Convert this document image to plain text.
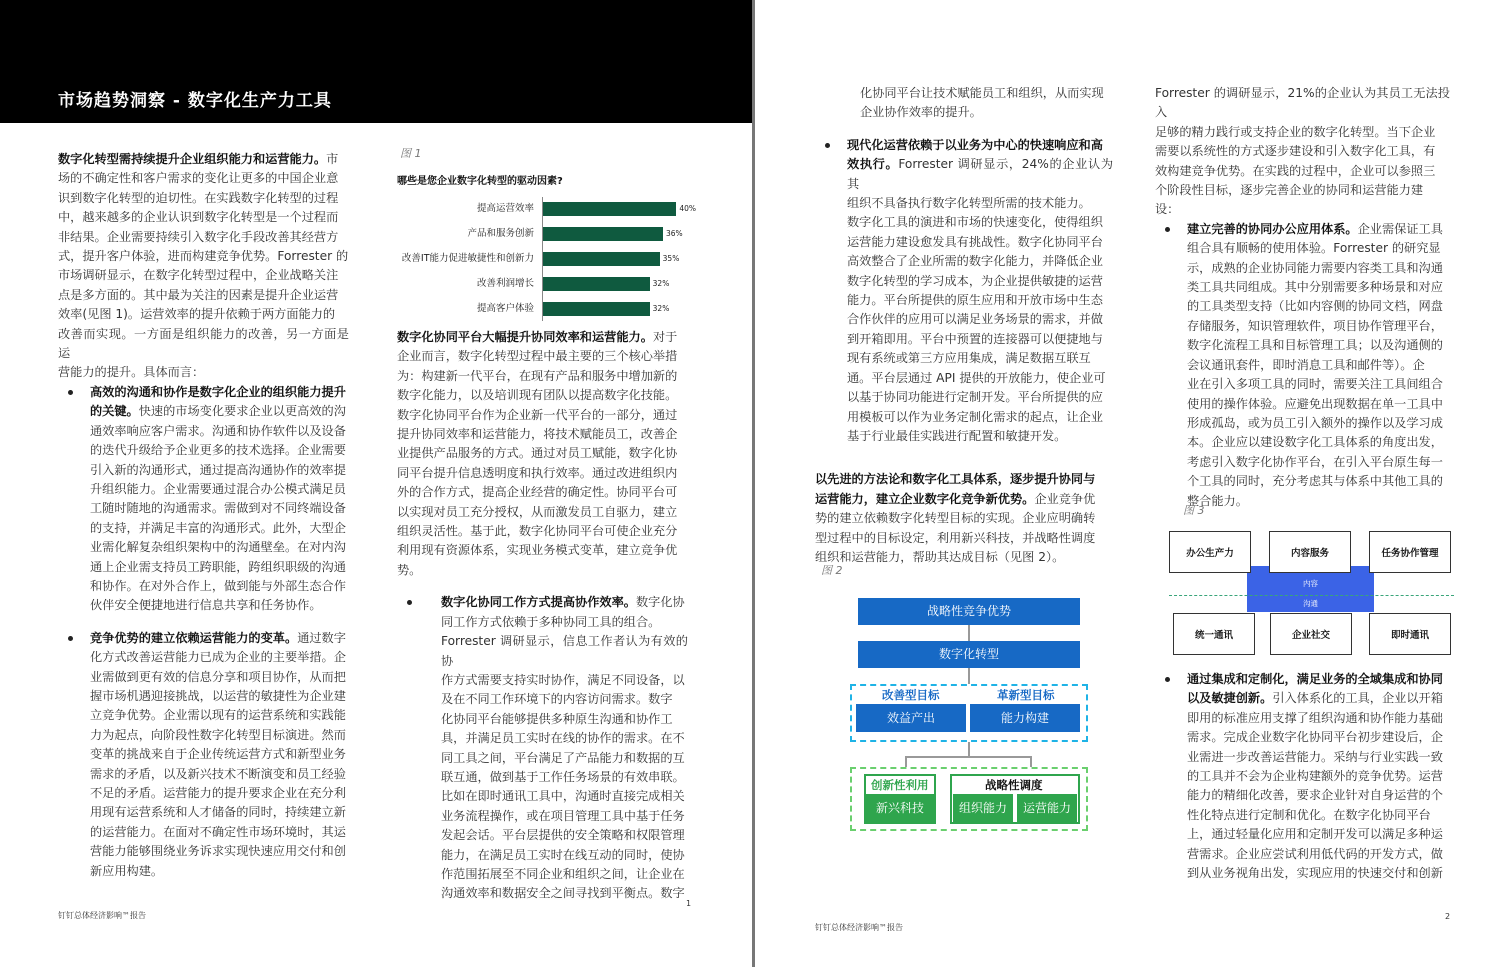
市场趋势洞察 - 数字化生产力工具

数字化转型需持续提升企业组织能力和运营能力。市
场的不确定性和客户需求的变化让更多的中国企业意
识到数字化转型的迫切性。在实践数字化转型的过程
中，越来越多的企业认识到数字化转型是一个过程而
非结果。企业需要持续引入数字化手段改善其经营方
式，提升客户体验，进而构建竞争优势。Forrester 的
市场调研显示，在数字化转型过程中，企业战略关注
点是多方面的。其中最为关注的因素是提升企业运营
效率(见图 1)。运营效率的提升依赖于两方面能力的
改善而实现。一方面是组织能力的改善，另一方面是运
营能力的提升。具体而言：

高效的沟通和协作是数字化企业的组织能力提升
的关键。快速的市场变化要求企业以更高效的沟
通效率响应客户需求。沟通和协作软件以及设备
的迭代升级给予企业更多的技术选择。企业需要
引入新的沟通形式，通过提高沟通协作的效率提
升组织能力。企业需要通过混合办公模式满足员
工随时随地的沟通需求。需做到对不同终端设备
的支持，并满足丰富的沟通形式。此外，大型企
业需化解复杂组织架构中的沟通壁垒。在对内沟
通上企业需支持员工跨职能，跨组织职级的沟通
和协作。在对外合作上，做到能与外部生态合作
伙伴安全便捷地进行信息共享和任务协作。

竞争优势的建立依赖运营能力的变革。通过数字
化方式改善运营能力已成为企业的主要举措。企
业需做到更有效的信息分享和项目协作，从而把
握市场机遇迎接挑战，以运营的敏捷性为企业建
立竞争优势。企业需以现有的运营系统和实践能
力为起点，向阶段性数字化转型目标演进。然而
变革的挑战来自于企业传统运营方式和新型业务
需求的矛盾，以及新兴技术不断演变和员工经验
不足的矛盾。运营能力的提升要求企业在充分利
用现有运营系统和人才储备的同时，持续建立新
的运营能力。在面对不确定性市场环境时，其运
营能力能够围绕业务诉求实现快速应用交付和创
新应用构建。

图 1
哪些是您企业数字化转型的驱动因素?
提高运营效率	40%
产品和服务创新	36%
改善IT能力促进敏捷性和创新力	35%
改善利润增长	32%
提高客户体验	32%

数字化协同平台大幅提升协同效率和运营能力。对于
企业而言，数字化转型过程中最主要的三个核心举措
为：构建新一代平台，在现有产品和服务中增加新的
数字化能力，以及培训现有团队以提高数字化技能。
数字化协同平台作为企业新一代平台的一部分，通过
提升协同效率和运营能力，将技术赋能员工，改善企
业提供产品服务的方式。通过对员工赋能，数字化协
同平台提升信息透明度和执行效率。通过改进组织内
外的合作方式，提高企业经营的确定性。协同平台可
以实现对员工充分授权，从而激发员工自驱力，建立
组织灵活性。基于此，数字化协同平台可使企业充分
利用现有资源体系，实现业务模式变革，建立竞争优
势。

数字化协同工作方式提高协作效率。数字化协
同工作方式依赖于多种协同工具的组合。
Forrester 调研显示，信息工作者认为有效的协
作方式需要支持实时协作，满足不同设备，以
及在不同工作环境下的内容访问需求。数字
化协同平台能够提供多种原生沟通和协作工
具，并满足员工实时在线的协作的需求。在不
同工具之间，平台满足了产品能力和数据的互
联互通，做到基于工作任务场景的有效串联。
比如在即时通讯工具中，沟通时直接完成相关
业务流程操作，或在项目管理工具中基于任务
发起会话。平台层提供的安全策略和权限管理
能力，在满足员工实时在线互动的同时，使协
作范围拓展至不同企业和组织之间，让企业在
沟通效率和数据安全之间寻找到平衡点。数字

钉钉总体经济影响™报告
1

化协同平台让技术赋能员工和组织，从而实现
企业协作效率的提升。

现代化运营依赖于以业务为中心的快速响应和高
效执行。Forrester 调研显示，24%的企业认为其
组织不具备执行数字化转型所需的技术能力。
数字化工具的演进和市场的快速变化，使得组织
运营能力建设愈发具有挑战性。数字化协同平台
高效整合了企业所需的数字化能力，并降低企业
数字化转型的学习成本，为企业提供敏捷的运营
能力。平台所提供的原生应用和开放市场中生态
合作伙伴的应用可以满足业务场景的需求，并做
到开箱即用。平台中预置的连接器可以便捷地与
现有系统或第三方应用集成，满足数据互联互
通。平台层通过 API 提供的开放能力，使企业可
以基于协同功能进行定制开发。平台所提供的应
用模板可以作为业务定制化需求的起点，让企业
基于行业最佳实践进行配置和敏捷开发。

以先进的方法论和数字化工具体系，逐步提升协同与
运营能力，建立企业数字化竞争新优势。企业竞争优
势的建立依赖数字化转型目标的实现。企业应明确转
型过程中的目标设定，利用新兴科技，并战略性调度
组织和运营能力，帮助其达成目标（见图 2）。

图 2
战略性竞争优势
数字化转型
改善型目标	革新型目标
效益产出	能力构建
创新性利用
新兴科技
战略性调度
组织能力	运营能力

Forrester 的调研显示，21%的企业认为其员工无法投入
足够的精力践行或支持企业的数字化转型。当下企业
需要以系统性的方式逐步建设和引入数字化工具，有
效构建竞争优势。在实践的过程中，企业可以参照三
个阶段性目标，逐步完善企业的协同和运营能力建
设：

建立完善的协同办公应用体系。企业需保证工具
组合具有顺畅的使用体验。Forrester 的研究显
示，成熟的企业协同能力需要内容类工具和沟通
类工具共同组成。其中分别需要多种场景和对应
的工具类型支持（比如内容侧的协同文档，网盘
存储服务，知识管理软件，项目协作管理平台，
数字化流程工具和目标管理工具；以及沟通侧的
会议通讯套件，即时消息工具和邮件等）。企
业在引入多项工具的同时，需要关注工具间组合
使用的操作体验。应避免出现数据在单一工具中
形成孤岛，或为员工引入额外的操作以及学习成
本。企业应以建设数字化工具体系的角度出发，
考虑引入数字化协作平台，在引入平台原生每一
个工具的同时，充分考虑其与体系中其他工具的
整合能力。

图 3
内容
沟通
办公生产力	内容服务	任务协作管理
统一通讯	企业社交	即时通讯

通过集成和定制化，满足业务的全域集成和协同
以及敏捷创新。引入体系化的工具，企业以开箱
即用的标准应用支撑了组织沟通和协作能力基础
需求。完成企业数字化协同平台初步建设后，企
业需进一步改善运营能力。采纳与行业实践一致
的工具并不会为企业构建额外的竞争优势。运营
能力的精细化改善，要求企业针对自身运营的个
性化特点进行定制和优化。在数字化协同平台
上，通过轻量化应用和定制开发可以满足多种运
营需求。企业应尝试利用低代码的开发方式，做
到从业务视角出发，实现应用的快速交付和创新

钉钉总体经济影响™报告
2
